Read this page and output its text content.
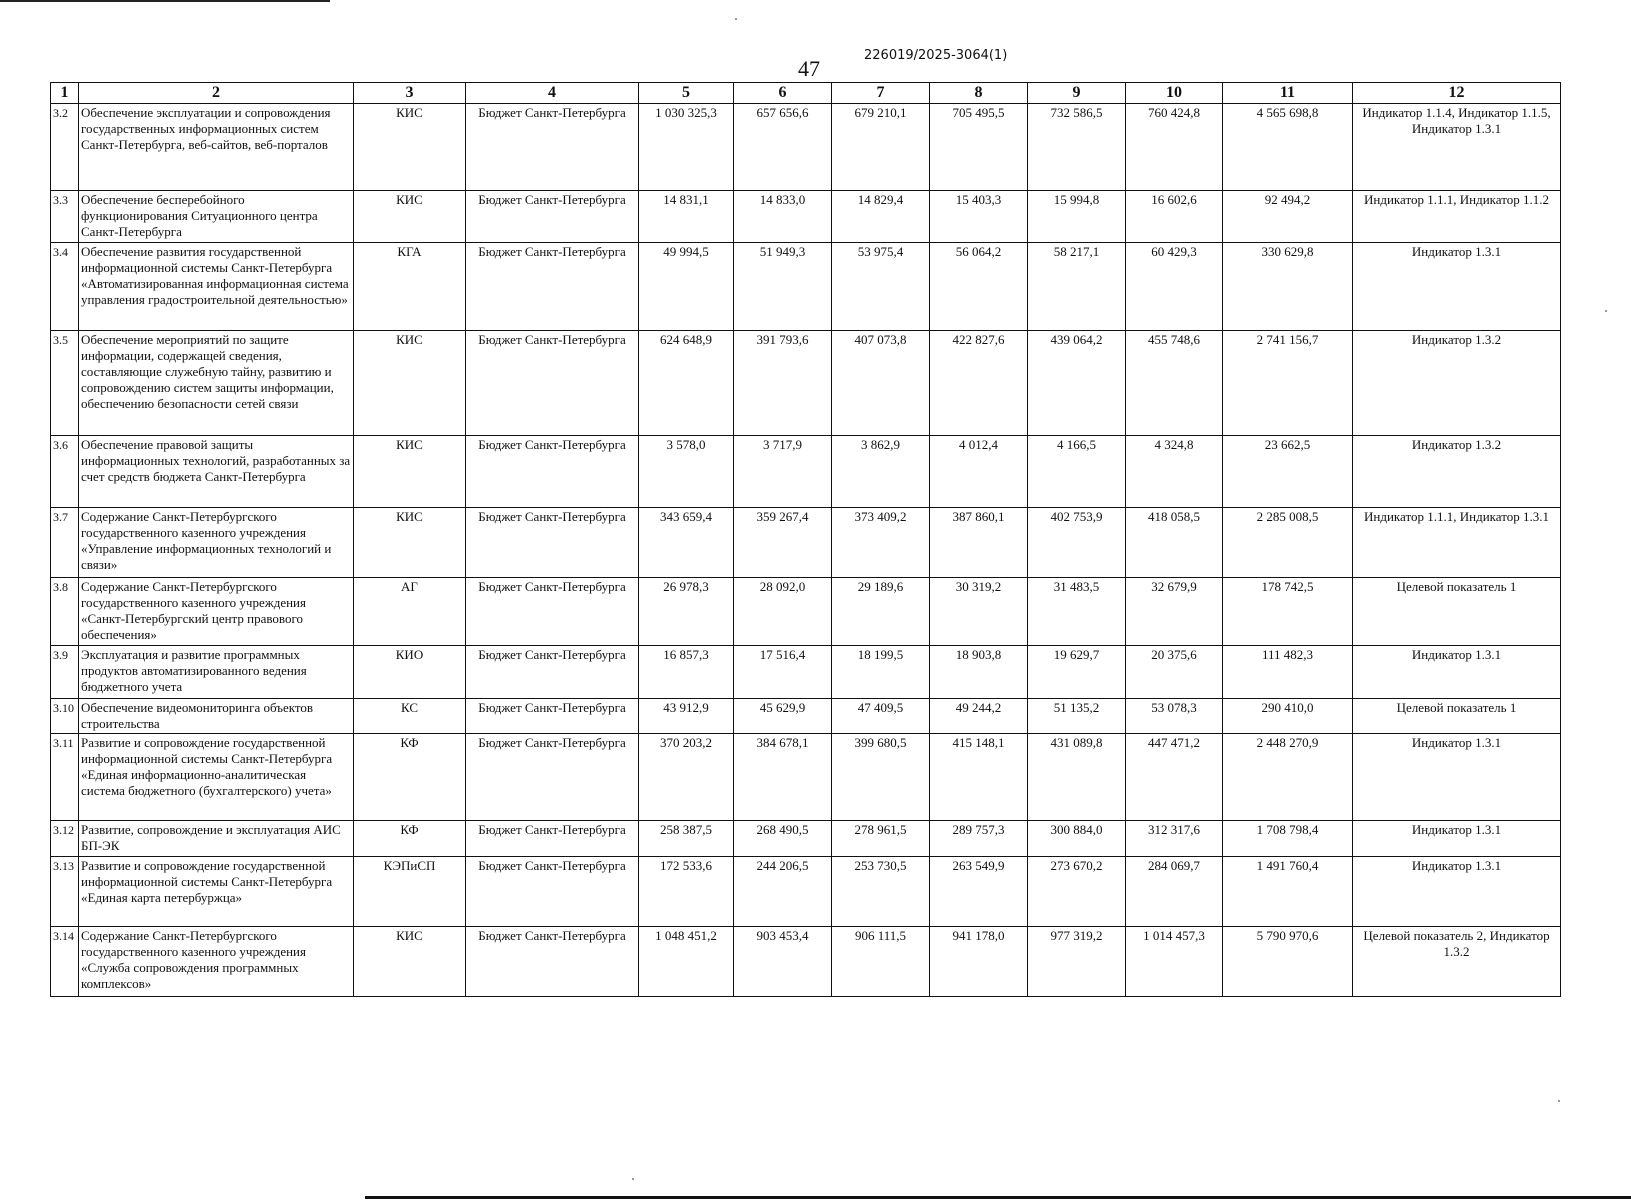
47
226019/2025-3064(1)
1	2	3	4	5	6	7	8	9	10	11	12
3.2	Обеспечение эксплуатации и сопровождения государственных информационных систем Санкт-Петербурга, веб-сайтов, веб-порталов	КИС	Бюджет Санкт-Петербурга	1 030 325,3	657 656,6	679 210,1	705 495,5	732 586,5	760 424,8	4 565 698,8	Индикатор 1.1.4, Индикатор 1.1.5, Индикатор 1.3.1
3.3	Обеспечение бесперебойного функционирования Ситуационного центра Санкт-Петербурга	КИС	Бюджет Санкт-Петербурга	14 831,1	14 833,0	14 829,4	15 403,3	15 994,8	16 602,6	92 494,2	Индикатор 1.1.1, Индикатор 1.1.2
3.4	Обеспечение развития государственной информационной системы Санкт-Петербурга «Автоматизированная информационная система управления градостроительной деятельностью»	КГА	Бюджет Санкт-Петербурга	49 994,5	51 949,3	53 975,4	56 064,2	58 217,1	60 429,3	330 629,8	Индикатор 1.3.1
3.5	Обеспечение мероприятий по защите информации, содержащей сведения, составляющие служебную тайну, развитию и сопровождению систем защиты информации, обеспечению безопасности сетей связи	КИС	Бюджет Санкт-Петербурга	624 648,9	391 793,6	407 073,8	422 827,6	439 064,2	455 748,6	2 741 156,7	Индикатор 1.3.2
3.6	Обеспечение правовой защиты информационных технологий, разработанных за счет средств бюджета Санкт-Петербурга	КИС	Бюджет Санкт-Петербурга	3 578,0	3 717,9	3 862,9	4 012,4	4 166,5	4 324,8	23 662,5	Индикатор 1.3.2
3.7	Содержание Санкт-Петербургского государственного казенного учреждения «Управление информационных технологий и связи»	КИС	Бюджет Санкт-Петербурга	343 659,4	359 267,4	373 409,2	387 860,1	402 753,9	418 058,5	2 285 008,5	Индикатор 1.1.1, Индикатор 1.3.1
3.8	Содержание Санкт-Петербургского государственного казенного учреждения «Санкт-Петербургский центр правового обеспечения»	АГ	Бюджет Санкт-Петербурга	26 978,3	28 092,0	29 189,6	30 319,2	31 483,5	32 679,9	178 742,5	Целевой показатель 1
3.9	Эксплуатация и развитие программных продуктов автоматизированного ведения бюджетного учета	КИО	Бюджет Санкт-Петербурга	16 857,3	17 516,4	18 199,5	18 903,8	19 629,7	20 375,6	111 482,3	Индикатор 1.3.1
3.10	Обеспечение видеомониторинга объектов строительства	КС	Бюджет Санкт-Петербурга	43 912,9	45 629,9	47 409,5	49 244,2	51 135,2	53 078,3	290 410,0	Целевой показатель 1
3.11	Развитие и сопровождение государственной информационной системы Санкт-Петербурга «Единая информационно-аналитическая система бюджетного (бухгалтерского) учета»	КФ	Бюджет Санкт-Петербурга	370 203,2	384 678,1	399 680,5	415 148,1	431 089,8	447 471,2	2 448 270,9	Индикатор 1.3.1
3.12	Развитие, сопровождение и эксплуатация АИС БП-ЭК	КФ	Бюджет Санкт-Петербурга	258 387,5	268 490,5	278 961,5	289 757,3	300 884,0	312 317,6	1 708 798,4	Индикатор 1.3.1
3.13	Развитие и сопровождение государственной информационной системы Санкт-Петербурга «Единая карта петербуржца»	КЭПиСП	Бюджет Санкт-Петербурга	172 533,6	244 206,5	253 730,5	263 549,9	273 670,2	284 069,7	1 491 760,4	Индикатор 1.3.1
3.14	Содержание Санкт-Петербургского государственного казенного учреждения «Служба сопровождения программных комплексов»	КИС	Бюджет Санкт-Петербурга	1 048 451,2	903 453,4	906 111,5	941 178,0	977 319,2	1 014 457,3	5 790 970,6	Целевой показатель 2, Индикатор 1.3.2
